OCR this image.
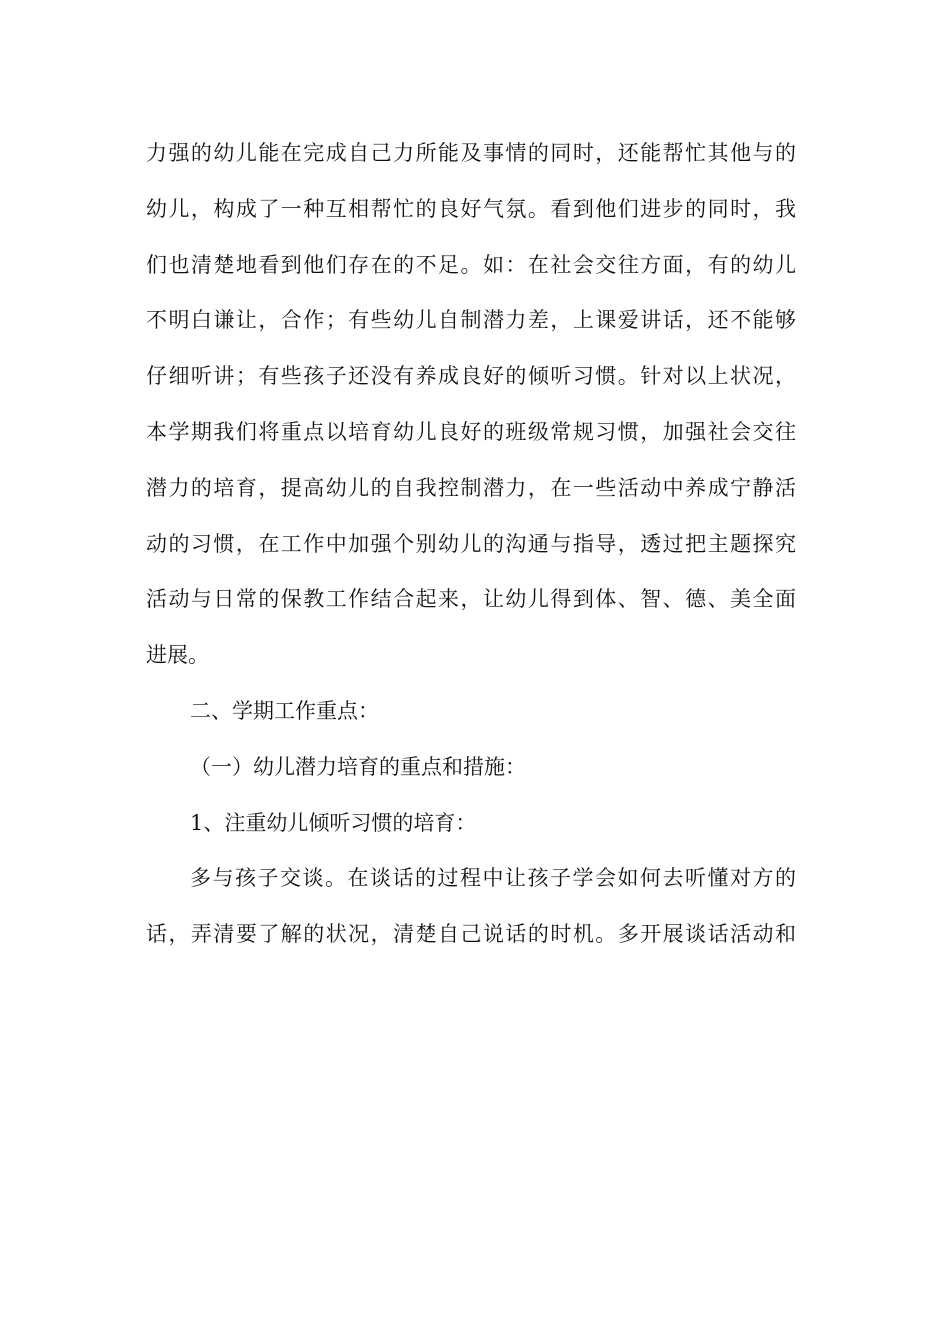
力强的幼儿能在完成自己力所能及事情的同时，还能帮忙其他与的
幼儿，构成了一种互相帮忙的良好气氛。看到他们进步的同时，我
们也清楚地看到他们存在的不足。如：在社会交往方面，有的幼儿
不明白谦让，合作；有些幼儿自制潜力差，上课爱讲话，还不能够
仔细听讲；有些孩子还没有养成良好的倾听习惯。针对以上状况，
本学期我们将重点以培育幼儿良好的班级常规习惯，加强社会交往
潜力的培育，提高幼儿的自我控制潜力，在一些活动中养成宁静活
动的习惯，在工作中加强个别幼儿的沟通与指导，透过把主题探究
活动与日常的保教工作结合起来，让幼儿得到体、智、德、美全面
进展。
二、学期工作重点：
（一）幼儿潜力培育的重点和措施：
1、注重幼儿倾听习惯的培育：
多与孩子交谈。在谈话的过程中让孩子学会如何去听懂对方的
话，弄清要了解的状况，清楚自己说话的时机。多开展谈话活动和
